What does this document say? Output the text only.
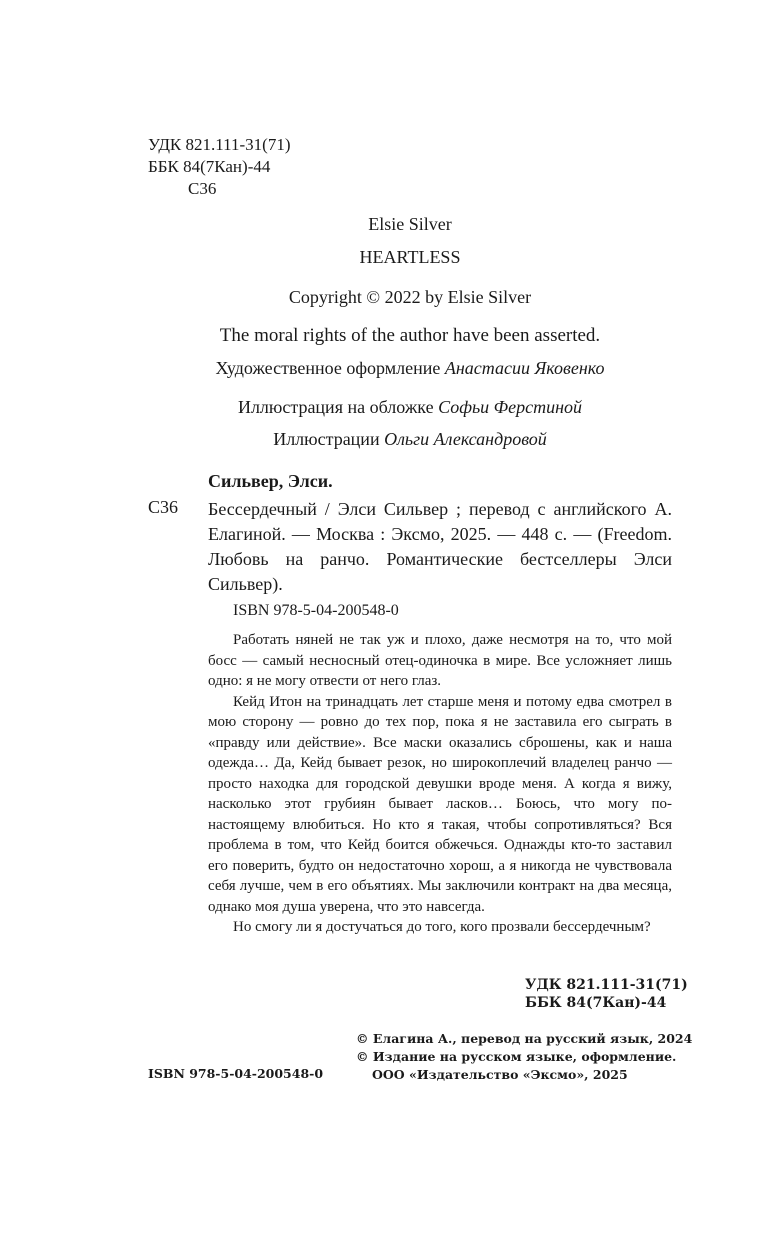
УДК 821.111-31(71)
ББК 84(7Кан)-44
С36
Elsie Silver
HEARTLESS
Copyright © 2022 by Elsie Silver
The moral rights of the author have been asserted.
Художественное оформление Анастасии Яковенко
Иллюстрация на обложке Софьи Ферстиной
Иллюстрации Ольги Александровой
Сильвер, Элси.
С36 Бессердечный / Элси Сильвер ; перевод с английского А. Елагиной. — Москва : Эксмо, 2025. — 448 с. — (Freedom. Любовь на ранчо. Романтические бестселлеры Элси Сильвер).
ISBN 978-5-04-200548-0

Работать няней не так уж и плохо, даже несмотря на то, что мой босс — самый несносный отец-одиночка в мире. Все усложняет лишь одно: я не могу отвести от него глаз.

Кейд Итон на тринадцать лет старше меня и потому едва смотрел в мою сторону — ровно до тех пор, пока я не заставила его сыграть в «правду или действие». Все маски оказались сброшены, как и наша одежда… Да, Кейд бывает резок, но широкоплечий владелец ранчо — просто находка для городской девушки вроде меня. А когда я вижу, насколько этот грубиян бывает ласков… Боюсь, что могу по-настоящему влюбиться. Но кто я такая, чтобы сопротивляться? Вся проблема в том, что Кейд боится обжечься. Однажды кто-то заставил его поверить, будто он недостаточно хорош, а я никогда не чувствовала себя лучше, чем в его объятиях. Мы заключили контракт на два месяца, однако моя душа уверена, что это навсегда.

Но смогу ли я достучаться до того, кого прозвали бессердечным?

УДК 821.111-31(71)
ББК 84(7Кан)-44
© Елагина А., перевод на русский язык, 2024
© Издание на русском языке, оформление.
ООО «Издательство «Эксмо», 2025
ISBN 978-5-04-200548-0
